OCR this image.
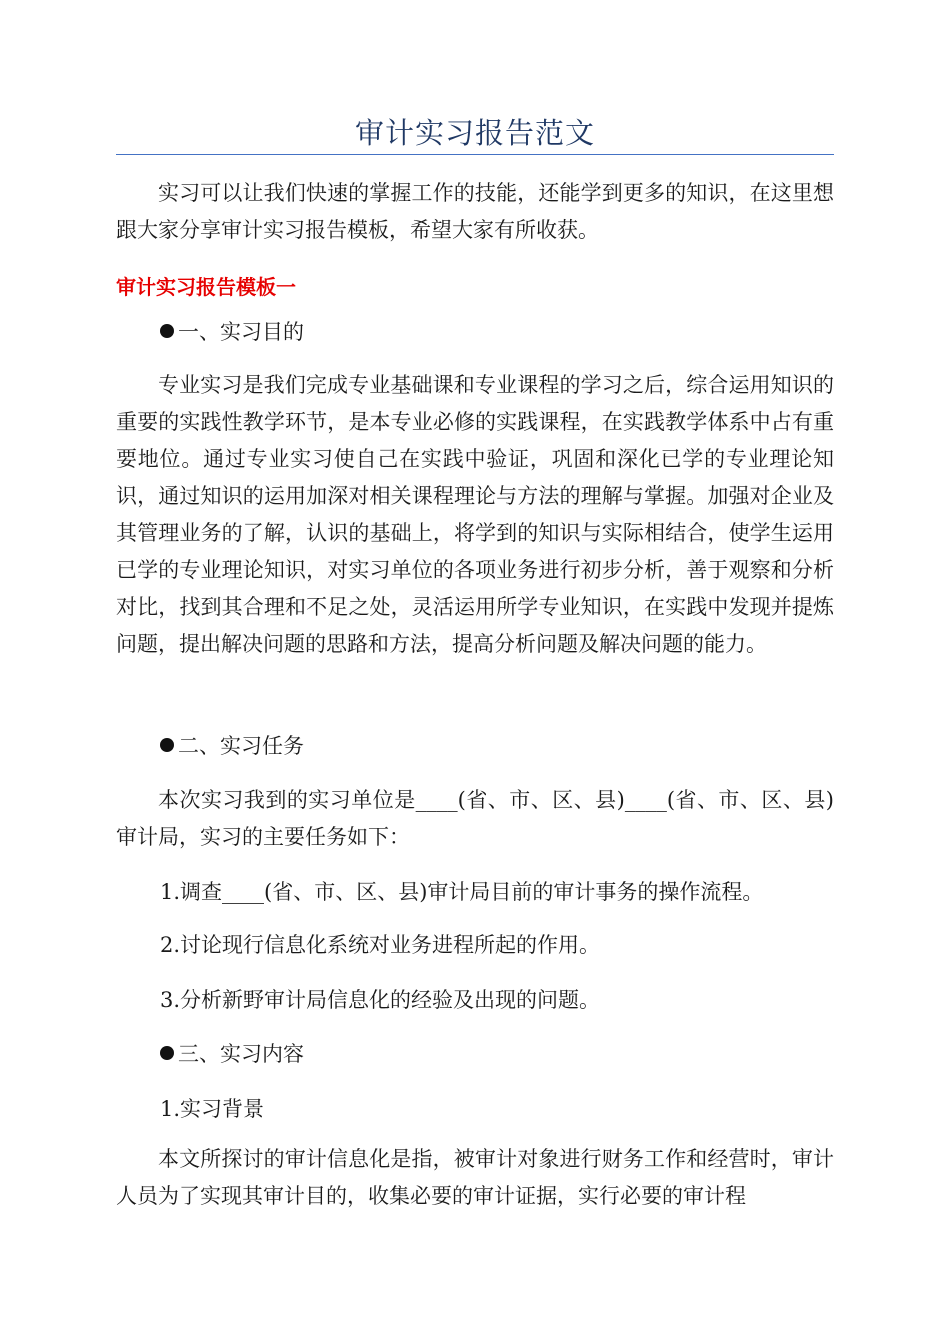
审计实习报告范文

实习可以让我们快速的掌握工作的技能，还能学到更多的知识，在这里想跟大家分享审计实习报告模板，希望大家有所收获。

审计实习报告模板一
一、实习目的

专业实习是我们完成专业基础课和专业课程的学习之后，综合运用知识的重要的实践性教学环节，是本专业必修的实践课程，在实践教学体系中占有重要地位。通过专业实习使自己在实践中验证，巩固和深化已学的专业理论知识，通过知识的运用加深对相关课程理论与方法的理解与掌握。加强对企业及其管理业务的了解，认识的基础上，将学到的知识与实际相结合，使学生运用已学的专业理论知识，对实习单位的各项业务进行初步分析，善于观察和分析对比，找到其合理和不足之处，灵活运用所学专业知识，在实践中发现并提炼问题，提出解决问题的思路和方法，提高分析问题及解决问题的能力。

二、实习任务

本次实习我到的实习单位是____(省、市、区、县)____(省、市、区、县)审计局，实习的主要任务如下：

1.调查____(省、市、区、县)审计局目前的审计事务的操作流程。
2.讨论现行信息化系统对业务进程所起的作用。
3.分析新野审计局信息化的经验及出现的问题。
三、实习内容
1.实习背景

本文所探讨的审计信息化是指，被审计对象进行财务工作和经营时，审计人员为了实现其审计目的，收集必要的审计证据，实行必要的审计程
